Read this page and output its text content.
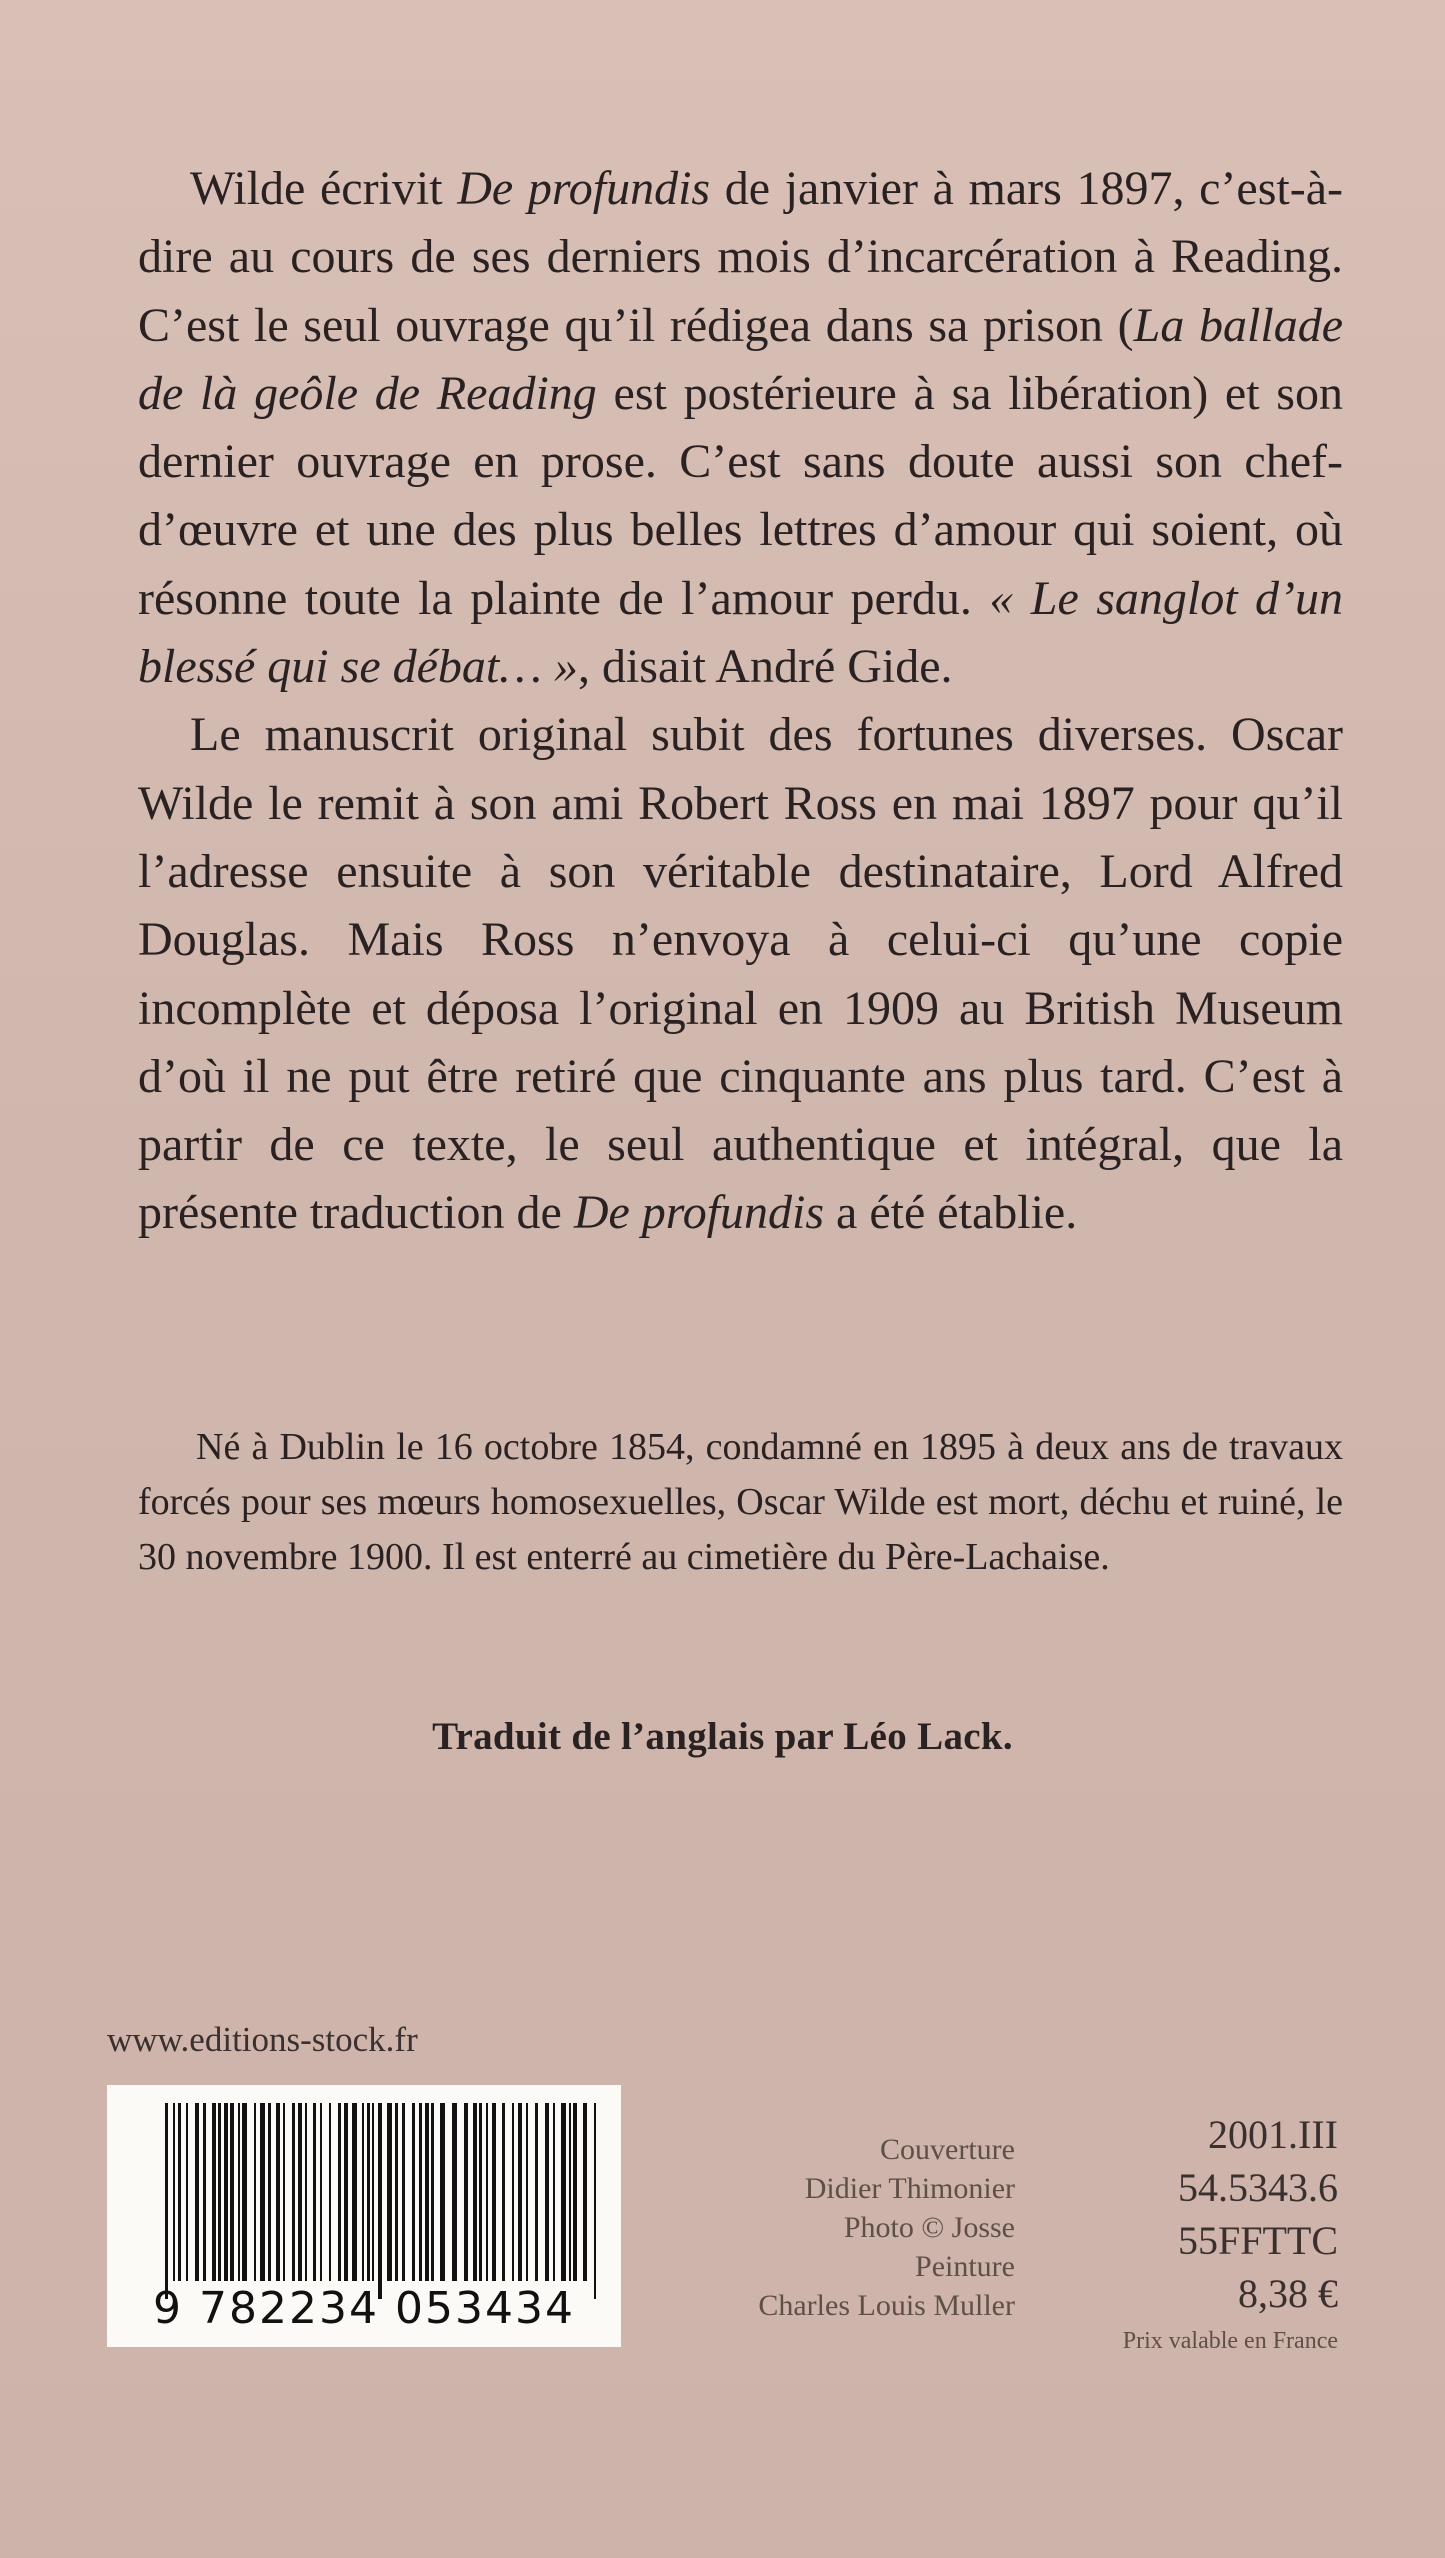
Wilde écrivit De profundis de janvier à mars 1897, c’est-à-dire au cours de ses derniers mois d’incarcération à Reading. C’est le seul ouvrage qu’il rédigea dans sa prison (La ballade de là geôle de Reading est postérieure à sa libération) et son dernier ouvrage en prose. C’est sans doute aussi son chef-d’œuvre et une des plus belles lettres d’amour qui soient, où résonne toute la plainte de l’amour perdu. « Le sanglot d’un blessé qui se débat… », disait André Gide.

Le manuscrit original subit des fortunes diverses. Oscar Wilde le remit à son ami Robert Ross en mai 1897 pour qu’il l’adresse ensuite à son véritable destinataire, Lord Alfred Douglas. Mais Ross n’envoya à celui-ci qu’une copie incomplète et déposa l’original en 1909 au British Museum d’où il ne put être retiré que cinquante ans plus tard. C’est à partir de ce texte, le seul authentique et intégral, que la présente traduction de De profundis a été établie.

Né à Dublin le 16 octobre 1854, condamné en 1895 à deux ans de travaux forcés pour ses mœurs homosexuelles, Oscar Wilde est mort, déchu et ruiné, le 30 novembre 1900. Il est enterré au cimetière du Père-Lachaise.

Traduit de l’anglais par Léo Lack.
www.editions-stock.fr
9 782234 053434
Couverture
Didier Thimonier
Photo © Josse
Peinture
Charles Louis Muller
2001.III
54.5343.6
55FFTTC
8,38 €
Prix valable en France
